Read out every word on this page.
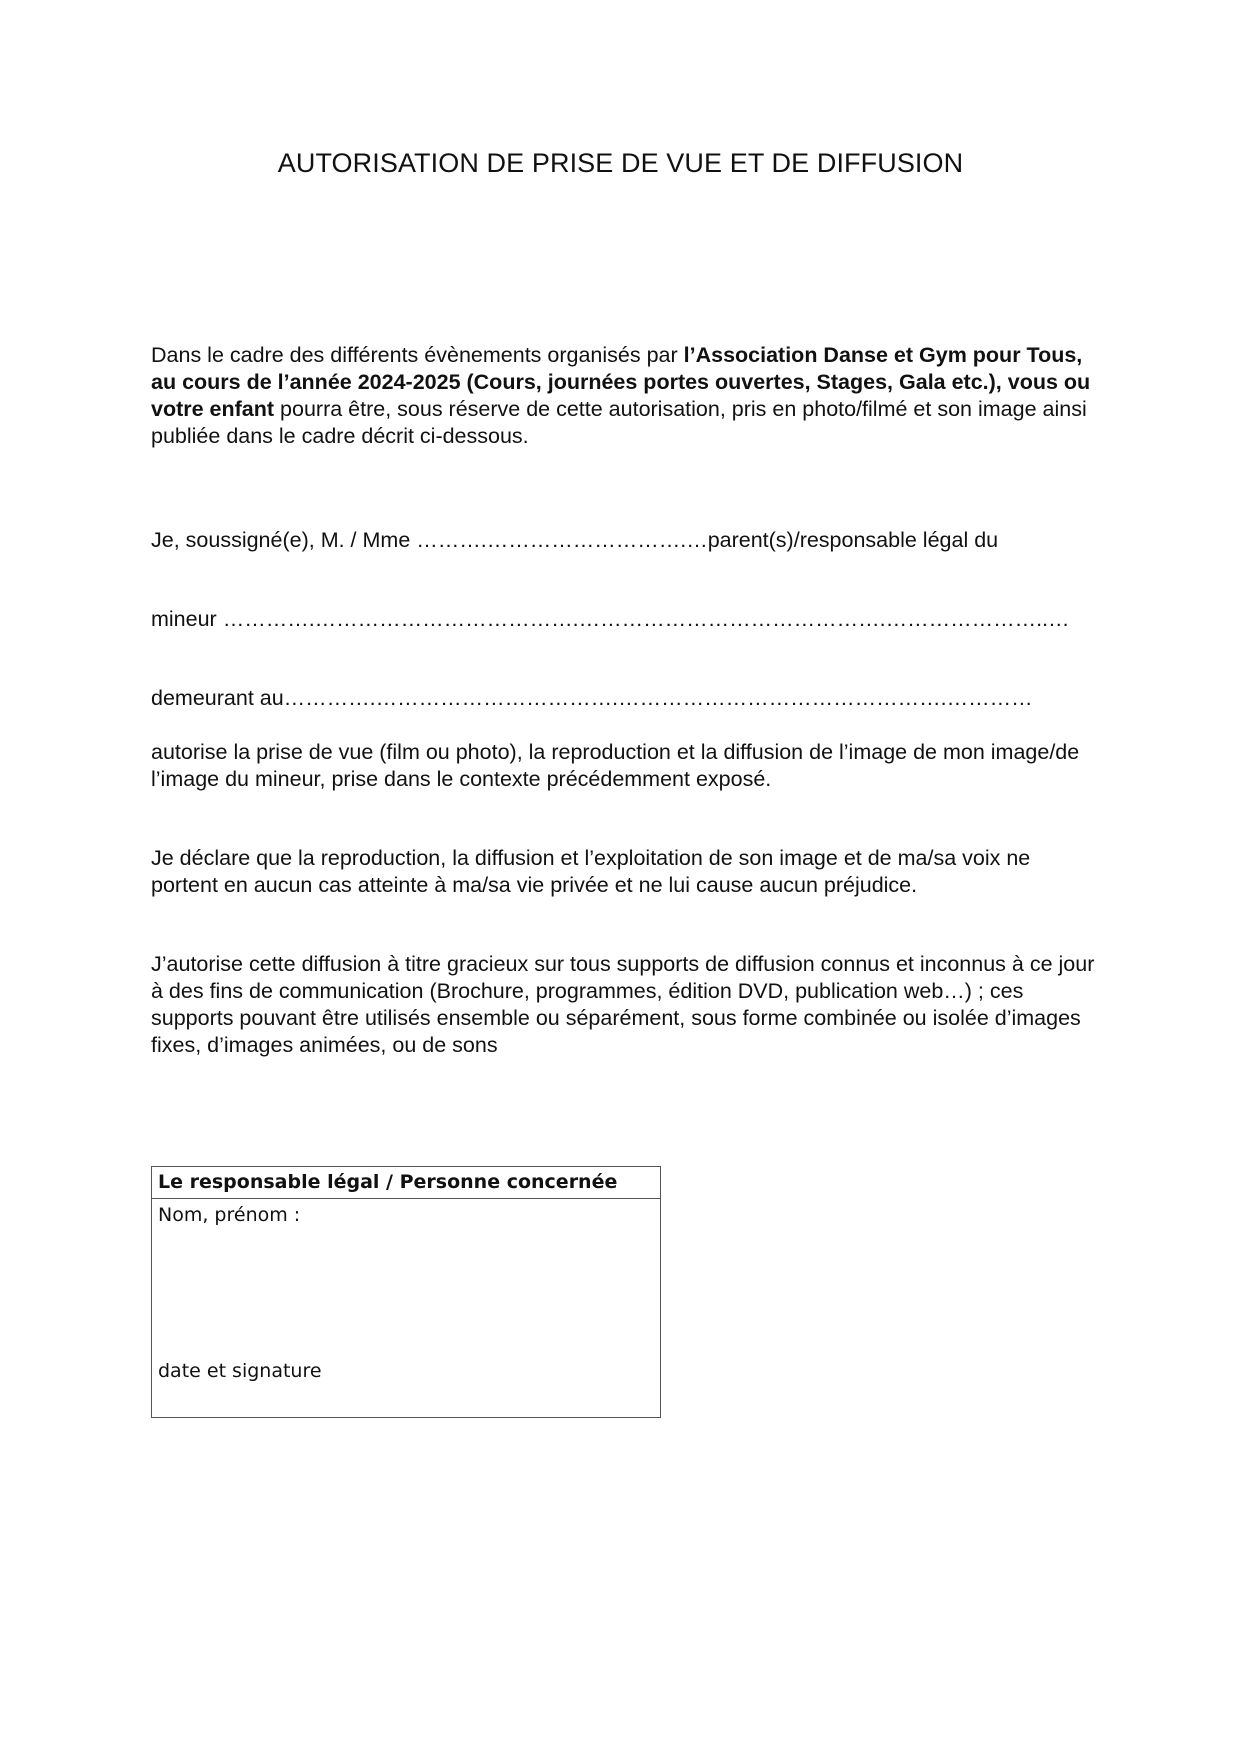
AUTORISATION DE PRISE DE VUE ET DE DIFFUSION
Dans le cadre des différents évènements organisés par l’Association Danse et Gym pour Tous, au cours de l’année 2024-2025 (Cours, journées portes ouvertes, Stages, Gala etc.), vous ou votre enfant pourra être, sous réserve de cette autorisation, pris en photo/filmé et son image ainsi publiée dans le cadre décrit ci-dessous.
Je, soussigné(e), M. / Mme ……….……………………….…parent(s)/responsable légal du
mineur ………….……………………………….…………………………………….…………………..…
demeurant au………….…………………………….……………………………………….…………
autorise la prise de vue (film ou photo), la reproduction et la diffusion de l’image de mon image/de l’image du mineur, prise dans le contexte précédemment exposé.
Je déclare que la reproduction, la diffusion et l’exploitation de son image et de ma/sa voix ne portent en aucun cas atteinte à ma/sa vie privée et ne lui cause aucun préjudice.
J’autorise cette diffusion à titre gracieux sur tous supports de diffusion connus et inconnus à ce jour à des fins de communication (Brochure, programmes, édition DVD, publication web…) ; ces supports pouvant être utilisés ensemble ou séparément, sous forme combinée ou isolée d’images fixes, d’images animées, ou de sons
Le responsable légal / Personne concernée
Nom, prénom :
date et signature
